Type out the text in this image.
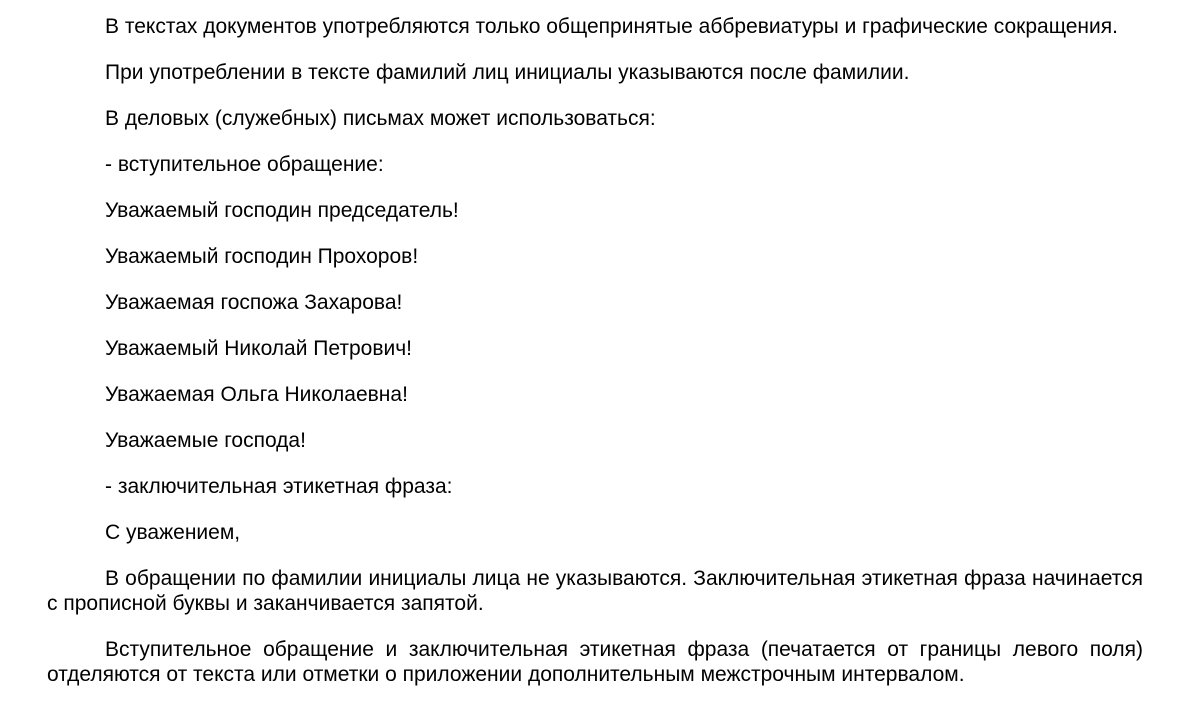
В текстах документов употребляются только общепринятые аббревиатуры и графические сокращения.

При употреблении в тексте фамилий лиц инициалы указываются после фамилии.

В деловых (служебных) письмах может использоваться:

- вступительное обращение:

Уважаемый господин председатель!

Уважаемый господин Прохоров!

Уважаемая госпожа Захарова!

Уважаемый Николай Петрович!

Уважаемая Ольга Николаевна!

Уважаемые господа!

- заключительная этикетная фраза:

С уважением,

В обращении по фамилии инициалы лица не указываются. Заключительная этикетная фраза начинается с прописной буквы и заканчивается запятой.

Вступительное обращение и заключительная этикетная фраза (печатается от границы левого поля) отделяются от текста или отметки о приложении дополнительным межстрочным интервалом.
